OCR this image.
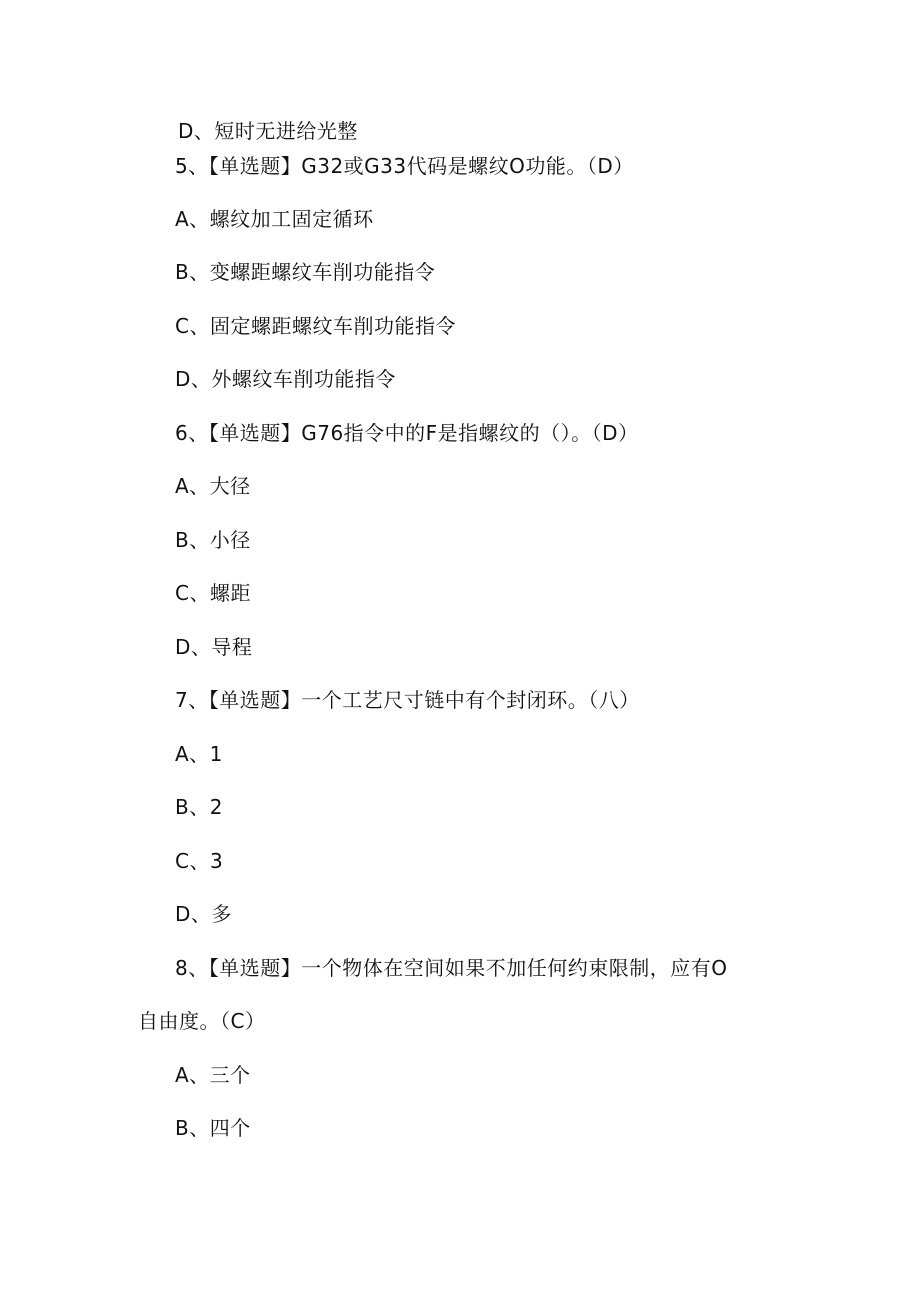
D、短时无进给光整
5、【单选题】G32或G33代码是螺纹O功能。（D）
A、螺纹加工固定循环
B、变螺距螺纹车削功能指令
C、固定螺距螺纹车削功能指令
D、外螺纹车削功能指令
6、【单选题】G76指令中的F是指螺纹的（）。（D）
A、大径
B、小径
C、螺距
D、导程
7、【单选题】一个工艺尺寸链中有个封闭环。（八）
A、1
B、2
C、3
D、多
8、【单选题】一个物体在空间如果不加任何约束限制，应有O
自由度。（C）
A、三个
B、四个
